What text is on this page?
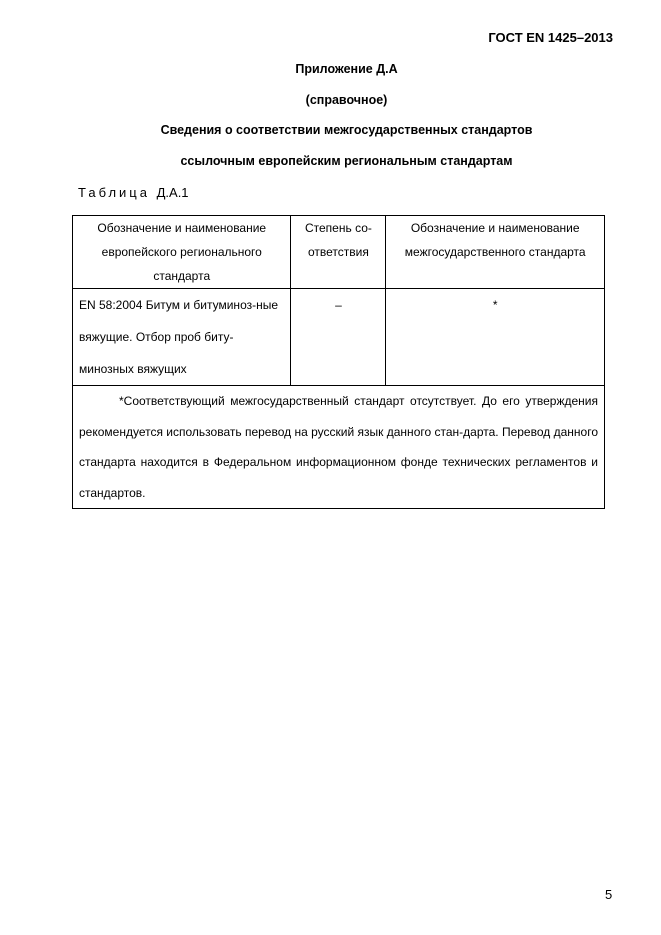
ГОСТ EN 1425–2013
Приложение Д.А
(справочное)
Сведения о соответствии межгосударственных стандартов
ссылочным европейским региональным стандартам
Таблица Д.А.1
Обозначение и наименование европейского регионального стандарта	Степень со-ответствия	Обозначение и наименование межгосударственного стандарта

EN 58:2004 Битум и битуминоз-ные вяжущие. Отбор проб биту-минозных вяжущих	–	*

*Соответствующий межгосударственный стандарт отсутствует. До его утверждения рекомендуется использовать перевод на русский язык данного стан-дарта. Перевод данного стандарта находится в Федеральном информационном фонде технических регламентов и стандартов.		

5
